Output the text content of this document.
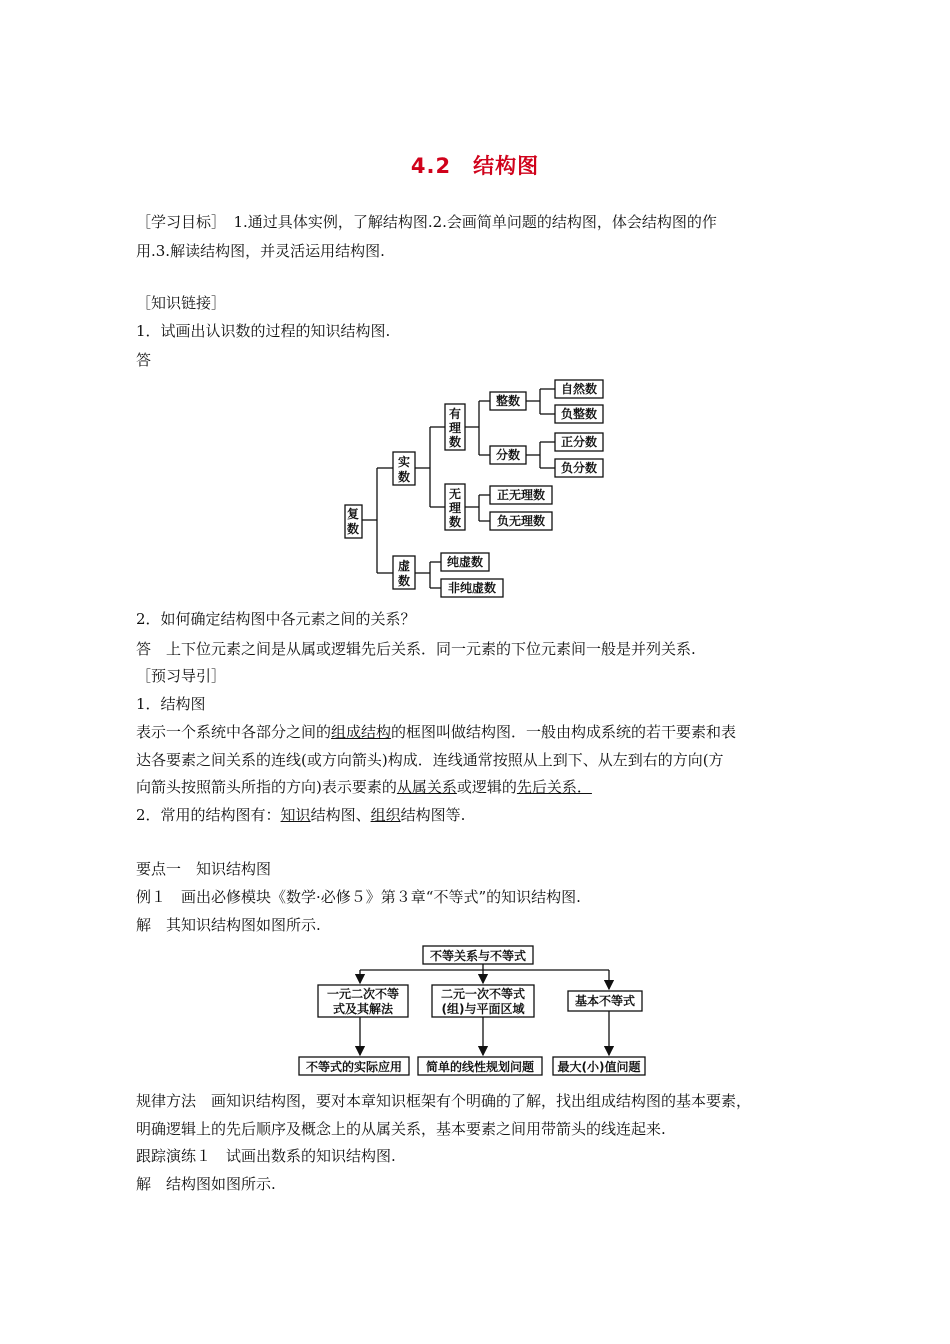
4.2　结构图
［学习目标］　1.通过具体实例，了解结构图.2.会画简单问题的结构图，体会结构图的作
用.3.解读结构图，并灵活运用结构图.
［知识链接］
1．试画出认识数的过程的知识结构图.
答
复
数
实
数
虚
数
有
理
数
无
理
数
整数
分数
自然数
负整数
正分数
负分数
正无理数
负无理数
纯虚数
非纯虚数
不等关系与不等式
一元二次不等
式及其解法
二元一次不等式
(组)与平面区域
基本不等式
不等式的实际应用 简单的线性规划问题 最大(小)值问题
2．如何确定结构图中各元素之间的关系？
答　上下位元素之间是从属或逻辑先后关系．同一元素的下位元素间一般是并列关系.
［预习导引］
1．结构图
表示一个系统中各部分之间的组成结构的框图叫做结构图．一般由构成系统的若干要素和表
达各要素之间关系的连线(或方向箭头)构成．连线通常按照从上到下、从左到右的方向(方
向箭头按照箭头所指的方向)表示要素的从属关系或逻辑的先后关系．
2．常用的结构图有：知识结构图、组织结构图等.
要点一　知识结构图
例１　画出必修模块《数学·必修５》第３章“不等式”的知识结构图.
解　其知识结构图如图所示.
规律方法　画知识结构图，要对本章知识框架有个明确的了解，找出组成结构图的基本要素，
明确逻辑上的先后顺序及概念上的从属关系，基本要素之间用带箭头的线连起来.
跟踪演练１　试画出数系的知识结构图.
解　结构图如图所示.
